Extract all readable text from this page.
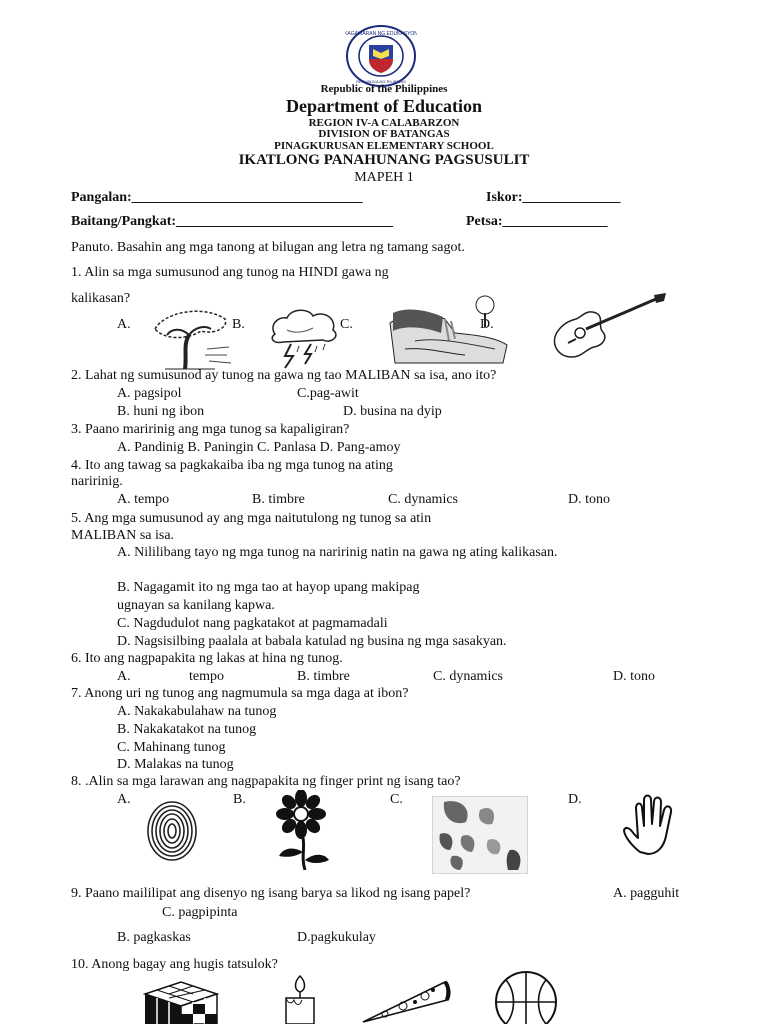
KAGAWARAN NG EDUKASYON
REPUBLIKA NG PILIPINAS
Republic of the Philippines
Department of Education
REGION IV-A CALABARZON
DIVISION OF BATANGAS
PINAGKURUSAN ELEMENTARY SCHOOL
IKATLONG PANAHUNANG PAGSUSULIT
MAPEH 1
Pangalan:_________________________________	Iskor:______________
Baitang/Pangkat:_______________________________	Petsa:_______________
Panuto. Basahin ang mga tanong at bilugan ang letra ng tamang sagot.
1. Alin sa mga sumusunod ang tunog na HINDI gawa ng
kalikasan?
A.	B.	C.	D.
2. Lahat ng sumusunod ay tunog na gawa ng tao MALIBAN sa isa, ano ito?
A. pagsipol	C.pag-awit
B. huni ng ibon	D. busina na dyip
3. Paano maririnig ang mga tunog sa kapaligiran?
A. Pandinig B. Paningin C. Panlasa D. Pang-amoy
4. Ito ang tawag sa pagkakaiba iba ng mga tunog na ating
naririnig.
A. tempo	B. timbre	C. dynamics	D. tono
5. Ang mga sumusunod ay ang mga naitutulong ng tunog sa atin
MALIBAN sa isa.
A. Nililibang tayo ng mga tunog na naririnig natin na gawa ng ating kalikasan.
B. Nagagamit ito ng mga tao at hayop upang makipag
ugnayan sa kanilang kapwa.
C. Nagdudulot nang pagkatakot at pagmamadali
D. Nagsisilbing paalala at babala katulad ng busina ng mga sasakyan.
6. Ito ang nagpapakita ng lakas at hina ng tunog.
A.	tempo	B. timbre	C. dynamics	D. tono
7. Anong uri ng tunog ang nagmumula sa mga daga at ibon?
A. Nakakabulahaw na tunog
B. Nakakatakot na tunog
C. Mahinang tunog
D. Malakas na tunog
8. .Alin sa mga larawan ang nagpapakita ng finger print ng isang tao?
A.	B.	C.	D.
9. Paano maililipat ang disenyo ng isang barya sa likod ng isang papel?	A. pagguhit
C. pagpipinta
B. pagkaskas	D.pagkukulay
10. Anong bagay ang hugis tatsulok?
